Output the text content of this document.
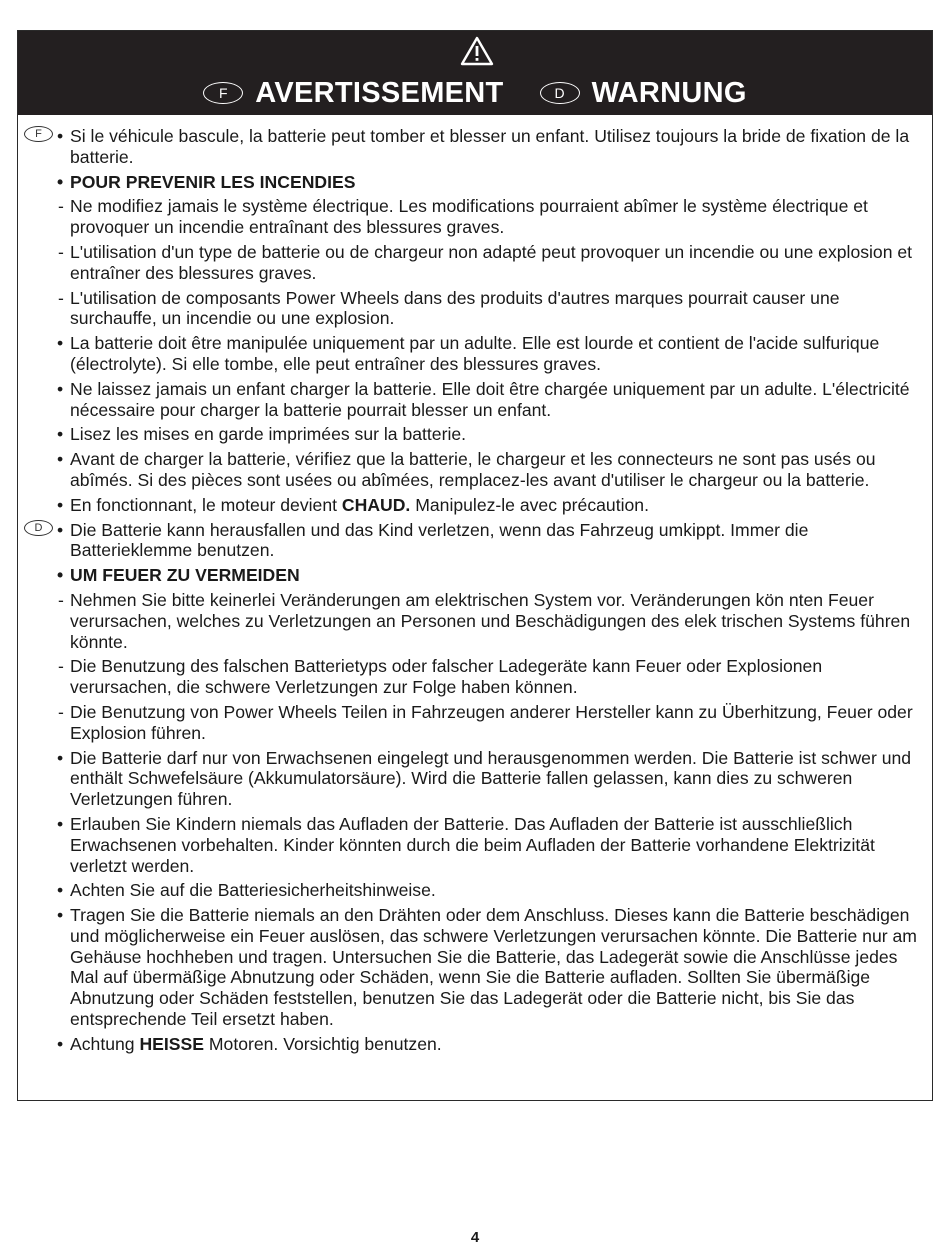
F AVERTISSEMENT	D WARNUNG
F • Si le véhicule bascule, la batterie peut tomber et blesser un enfant. Utilisez toujours la bride de fixation de la batterie.
• POUR PREVENIR LES INCENDIES
- Ne modifiez jamais le système électrique. Les modifications pourraient abîmer le système électrique et provoquer un incendie entraînant des blessures graves.
- L'utilisation d'un type de batterie ou de chargeur non adapté peut provoquer un incendie ou une explosion et entraîner des blessures graves.
- L'utilisation de composants Power Wheels dans des produits d'autres marques pourrait causer une surchauffe, un incendie ou une explosion.
• La batterie doit être manipulée uniquement par un adulte. Elle est lourde et contient de l'acide sulfurique (électrolyte). Si elle tombe, elle peut entraîner des blessures graves.
• Ne laissez jamais un enfant charger la batterie. Elle doit être chargée uniquement par un adulte. L'électricité nécessaire pour charger la batterie pourrait blesser un enfant.
• Lisez les mises en garde imprimées sur la batterie.
• Avant de charger la batterie, vérifiez que la batterie, le chargeur et les connecteurs ne sont pas usés ou abîmés. Si des pièces sont usées ou abîmées, remplacez-les avant d'utiliser le chargeur ou la batterie.
• En fonctionnant, le moteur devient CHAUD. Manipulez-le avec précaution.
D • Die Batterie kann herausfallen und das Kind verletzen, wenn das Fahrzeug umkippt. Immer die Batterieklemme benutzen.
• UM FEUER ZU VERMEIDEN
- Nehmen Sie bitte keinerlei Veränderungen am elektrischen System vor. Veränderungen kön nten Feuer verursachen, welches zu Verletzungen an Personen und Beschädigungen des elek trischen Systems führen könnte.
- Die Benutzung des falschen Batterietyps oder falscher Ladegeräte kann Feuer oder Explosionen verursachen, die schwere Verletzungen zur Folge haben können.
- Die Benutzung von Power Wheels Teilen in Fahrzeugen anderer Hersteller kann zu Überhitzung, Feuer oder Explosion führen.
• Die Batterie darf nur von Erwachsenen eingelegt und herausgenommen werden. Die Batterie ist schwer und enthält Schwefelsäure (Akkumulatorsäure). Wird die Batterie fallen gelassen, kann dies zu schweren Verletzungen führen.
• Erlauben Sie Kindern niemals das Aufladen der Batterie. Das Aufladen der Batterie ist ausschließlich Erwachsenen vorbehalten. Kinder könnten durch die beim Aufladen der Batterie vorhandene Elektrizität verletzt werden.
• Achten Sie auf die Batteriesicherheitshinweise.
• Tragen Sie die Batterie niemals an den Drähten oder dem Anschluss. Dieses kann die Batterie beschädigen und möglicherweise ein Feuer auslösen, das schwere Verletzungen verursachen könnte. Die Batterie nur am Gehäuse hochheben und tragen. Untersuchen Sie die Batterie, das Ladegerät sowie die Anschlüsse jedes Mal auf übermäßige Abnutzung oder Schäden, wenn Sie die Batterie aufladen. Sollten Sie übermäßige Abnutzung oder Schäden feststellen, benutzen Sie das Ladegerät oder die Batterie nicht, bis Sie das entsprechende Teil ersetzt haben.
• Achtung HEISSE Motoren. Vorsichtig benutzen.
4
